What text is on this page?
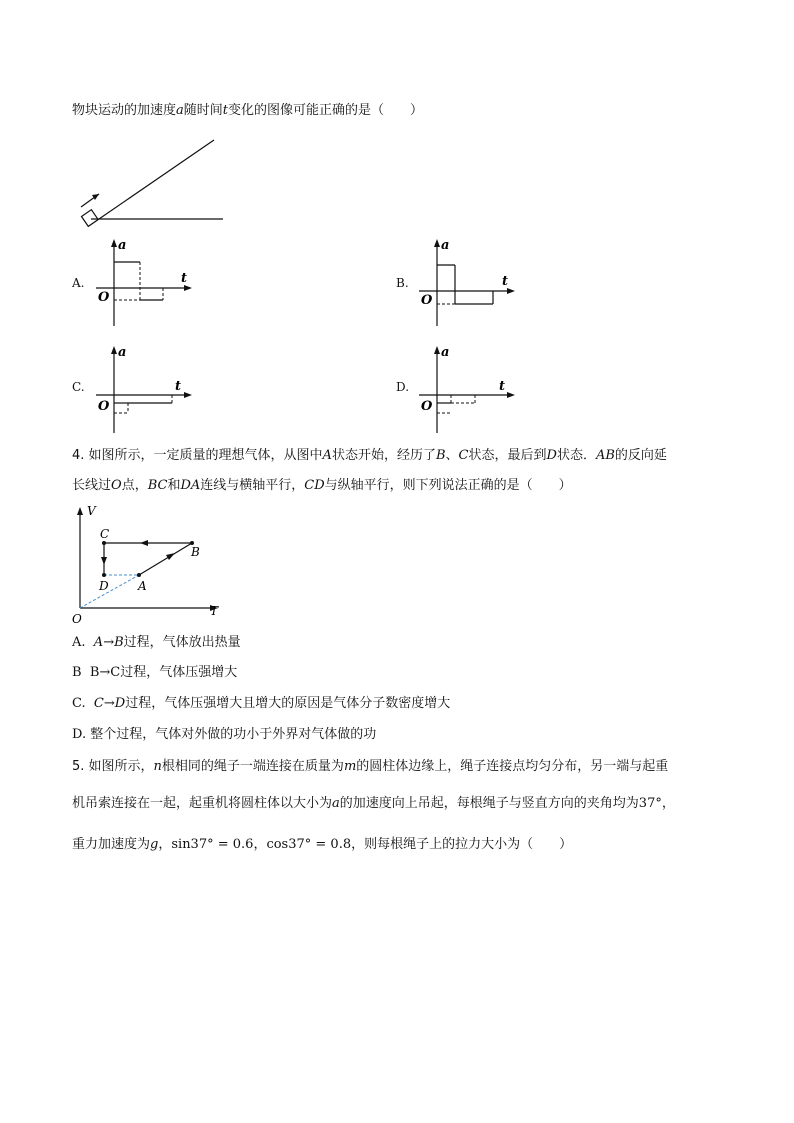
物块运动的加速度a随时间t变化的图像可能正确的是（　　）
A.
a
t
O
B.
a
t
O
C.
a
t
O
D.
a
t
O
4. 如图所示，一定质量的理想气体，从图中A状态开始，经历了B、C状态，最后到D状态．AB的反向延
长线过O点，BC和DA连线与横轴平行，CD与纵轴平行，则下列说法正确的是（　　）
V
T
O
C
D A
B
A. A→B过程，气体放出热量
B B→C过程，气体压强增大
C. C→D过程，气体压强增大且增大的原因是气体分子数密度增大
D. 整个过程，气体对外做的功小于外界对气体做的功
5. 如图所示，n根相同的绳子一端连接在质量为m的圆柱体边缘上，绳子连接点均匀分布，另一端与起重
机吊索连接在一起，起重机将圆柱体以大小为a的加速度向上吊起，每根绳子与竖直方向的夹角均为37°，
重力加速度为g，sin37° = 0.6，cos37° = 0.8，则每根绳子上的拉力大小为（　　）
